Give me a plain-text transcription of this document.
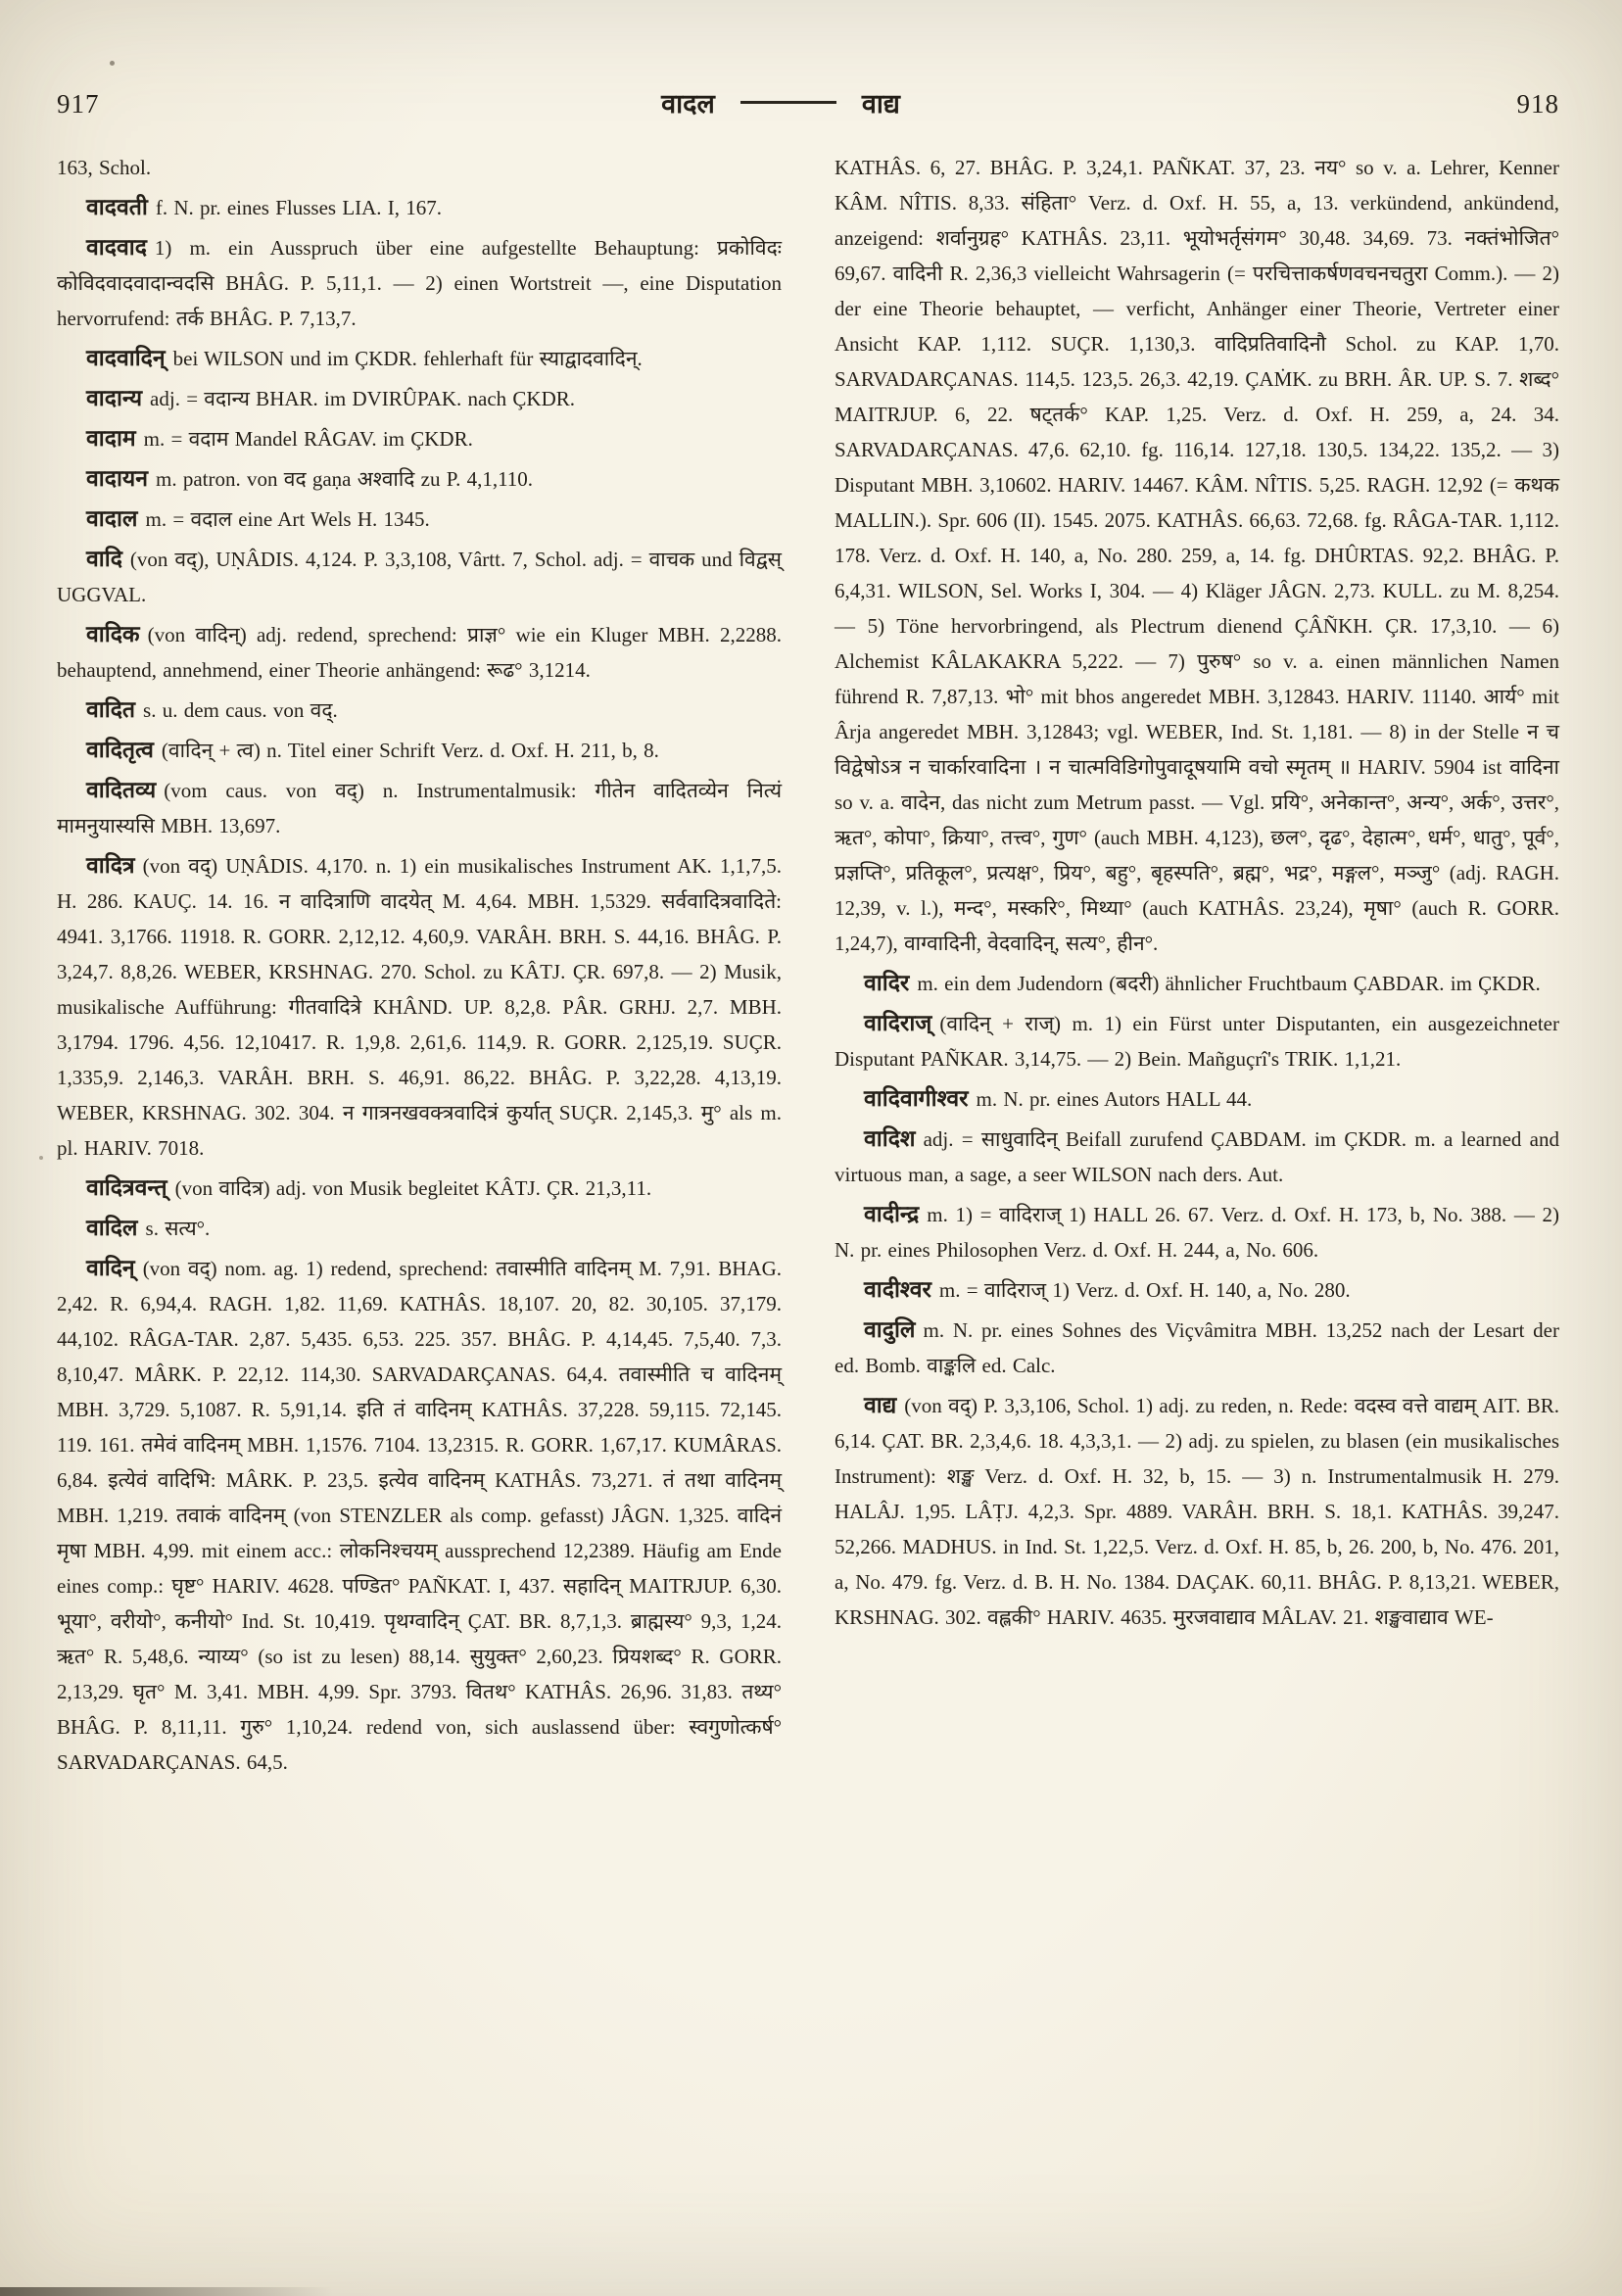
917	वादल	वाद्य	918

163, Schol.

वादवती f. N. pr. eines Flusses LIA. I, 167.

वादवाद 1) m. ein Ausspruch über eine aufgestellte Behauptung: प्रकोविदः कोविदवादवादान्वदसि BHÂG. P. 5,11,1. — 2) einen Wortstreit —, eine Disputation hervorrufend: तर्क BHÂG. P. 7,13,7.

वादवादिन् bei WILSON und im ÇKDR. fehlerhaft für स्याद्वादवादिन्.

वादान्य adj. = वदान्य BHAR. im DVIRÛPAK. nach ÇKDR.

वादाम m. = वदाम Mandel RÂGAV. im ÇKDR.

वादायन m. patron. von वद gaṇa अश्वादि zu P. 4,1,110.

वादाल m. = वदाल eine Art Wels H. 1345.

वादि (von वद्), UṆÂDIS. 4,124. P. 3,3,108, Vârtt. 7, Schol. adj. = वाचक und विद्वस् UGGVAL.

वादिक (von वादिन्) adj. redend, sprechend: प्राज्ञ° wie ein Kluger MBH. 2,2288. behauptend, annehmend, einer Theorie anhängend: रूढ° 3,1214.

वादित s. u. dem caus. von वद्.

वादितृत्व (वादिन् + त्व) n. Titel einer Schrift Verz. d. Oxf. H. 211, b, 8.

वादितव्य (vom caus. von वद्) n. Instrumentalmusik: गीतेन वादितव्येन नित्यं मामनुयास्यसि MBH. 13,697.

वादित्र (von वद्) UṆÂDIS. 4,170. n. 1) ein musikalisches Instrument AK. 1,1,7,5. H. 286. KAUÇ. 14. 16. न वादित्राणि वादयेत् M. 4,64. MBH. 1,5329. सर्ववादित्रवादिते: 4941. 3,1766. 11918. R. GORR. 2,12,12. 4,60,9. VARÂH. BRH. S. 44,16. BHÂG. P. 3,24,7. 8,8,26. WEBER, KRSHNAG. 270. Schol. zu KÂTJ. ÇR. 697,8. — 2) Musik, musikalische Aufführung: गीतवादित्रे KHÂND. UP. 8,2,8. PÂR. GRHJ. 2,7. MBH. 3,1794. 1796. 4,56. 12,10417. R. 1,9,8. 2,61,6. 114,9. R. GORR. 2,125,19. SUÇR. 1,335,9. 2,146,3. VARÂH. BRH. S. 46,91. 86,22. BHÂG. P. 3,22,28. 4,13,19. WEBER, KRSHNAG. 302. 304. न गात्रनखवक्त्रवादित्रं कुर्यात् SUÇR. 2,145,3. मु° als m. pl. HARIV. 7018.

वादित्रवन्त् (von वादित्र) adj. von Musik begleitet KÂTJ. ÇR. 21,3,11.

वादिल s. सत्य°.

वादिन् (von वद्) nom. ag. 1) redend, sprechend: तवास्मीति वादिनम् M. 7,91. BHAG. 2,42. R. 6,94,4. RAGH. 1,82. 11,69. KATHÂS. 18,107. 20, 82. 30,105. 37,179. 44,102. RÂGA-TAR. 2,87. 5,435. 6,53. 225. 357. BHÂG. P. 4,14,45. 7,5,40. 7,3. 8,10,47. MÂRK. P. 22,12. 114,30. SARVADARÇANAS. 64,4. तवास्मीति च वादिनम् MBH. 3,729. 5,1087. R. 5,91,14. इति तं वादिनम् KATHÂS. 37,228. 59,115. 72,145. 119. 161. तमेवं वादिनम् MBH. 1,1576. 7104. 13,2315. R. GORR. 1,67,17. KUMÂRAS. 6,84. इत्येवं वादिभि: MÂRK. P. 23,5. इत्येव वादिनम् KATHÂS. 73,271. तं तथा वादिनम् MBH. 1,219. तवाकं वादिनम् (von STENZLER als comp. gefasst) JÂGN. 1,325. वादिनं मृषा MBH. 4,99. mit einem acc.: लोकनिश्चयम् aussprechend 12,2389. Häufig am Ende eines comp.: घृष्ट° HARIV. 4628. पण्डित° PAÑKAT. I, 437. सहादिन् MAITRJUP. 6,30. भूया°, वरीयो°, कनीयो° Ind. St. 10,419. पृथग्वादिन् ÇAT. BR. 8,7,1,3. ब्राह्मस्य° 9,3, 1,24. ऋत° R. 5,48,6. न्याय्य° (so ist zu lesen) 88,14. सुयुक्त° 2,60,23. प्रियशब्द° R. GORR. 2,13,29. घृत° M. 3,41. MBH. 4,99. Spr. 3793. वितथ° KATHÂS. 26,96. 31,83. तथ्य° BHÂG. P. 8,11,11. गुरु° 1,10,24. redend von, sich auslassend über: स्वगुणोत्कर्ष° SARVADARÇANAS. 64,5.

KATHÂS. 6, 27. BHÂG. P. 3,24,1. PAÑKAT. 37, 23. नय° so v. a. Lehrer, Kenner KÂM. NÎTIS. 8,33. संहिता° Verz. d. Oxf. H. 55, a, 13. verkündend, ankündend, anzeigend: शर्वानुग्रह° KATHÂS. 23,11. भूयोभर्तृसंगम° 30,48. 34,69. 73. नक्तंभोजित° 69,67. वादिनी R. 2,36,3 vielleicht Wahrsagerin (= परचित्ताकर्षणवचनचतुरा Comm.). — 2) der eine Theorie behauptet, — verficht, Anhänger einer Theorie, Vertreter einer Ansicht KAP. 1,112. SUÇR. 1,130,3. वादिप्रतिवादिनौ Schol. zu KAP. 1,70. SARVADARÇANAS. 114,5. 123,5. 26,3. 42,19. ÇAṀK. zu BRH. ÂR. UP. S. 7. शब्द° MAITRJUP. 6, 22. षट्तर्क° KAP. 1,25. Verz. d. Oxf. H. 259, a, 24. 34. SARVADARÇANAS. 47,6. 62,10. fg. 116,14. 127,18. 130,5. 134,22. 135,2. — 3) Disputant MBH. 3,10602. HARIV. 14467. KÂM. NÎTIS. 5,25. RAGH. 12,92 (= कथक MALLIN.). Spr. 606 (II). 1545. 2075. KATHÂS. 66,63. 72,68. fg. RÂGA-TAR. 1,112. 178. Verz. d. Oxf. H. 140, a, No. 280. 259, a, 14. fg. DHÛRTAS. 92,2. BHÂG. P. 6,4,31. WILSON, Sel. Works I, 304. — 4) Kläger JÂGN. 2,73. KULL. zu M. 8,254. — 5) Töne hervorbringend, als Plectrum dienend ÇÂÑKH. ÇR. 17,3,10. — 6) Alchemist KÂLAKAKRA 5,222. — 7) पुरुष° so v. a. einen männlichen Namen führend R. 7,87,13. भो° mit bhos angeredet MBH. 3,12843. HARIV. 11140. आर्य° mit Ârja angeredet MBH. 3,12843; vgl. WEBER, Ind. St. 1,181. — 8) in der Stelle न च विद्वेषोऽत्र न चार्कारवादिना । न चात्मविडिगोपुवादूषयामि वचो स्मृतम् ॥ HARIV. 5904 ist वादिना so v. a. वादेन, das nicht zum Metrum passt. — Vgl. प्रयि°, अनेकान्त°, अन्य°, अर्क°, उत्तर°, ऋत°, कोपा°, क्रिया°, तत्त्व°, गुण° (auch MBH. 4,123), छल°, दृढ°, देहात्म°, धर्म°, धातु°, पूर्व°, प्रज्ञप्ति°, प्रतिकूल°, प्रत्यक्ष°, प्रिय°, बहु°, बृहस्पति°, ब्रह्म°, भद्र°, मङ्गल°, मञ्जु° (adj. RAGH. 12,39, v. l.), मन्द°, मस्करि°, मिथ्या° (auch KATHÂS. 23,24), मृषा° (auch R. GORR. 1,24,7), वाग्वादिनी, वेदवादिन्, सत्य°, हीन°.

वादिर m. ein dem Judendorn (बदरी) ähnlicher Fruchtbaum ÇABDAR. im ÇKDR.

वादिराज् (वादिन् + राज्) m. 1) ein Fürst unter Disputanten, ein ausgezeichneter Disputant PAÑKAR. 3,14,75. — 2) Bein. Mañguçrî's TRIK. 1,1,21.

वादिवागीश्वर m. N. pr. eines Autors HALL 44.

वादिश adj. = साधुवादिन् Beifall zurufend ÇABDAM. im ÇKDR. m. a learned and virtuous man, a sage, a seer WILSON nach ders. Aut.

वादीन्द्र m. 1) = वादिराज् 1) HALL 26. 67. Verz. d. Oxf. H. 173, b, No. 388. — 2) N. pr. eines Philosophen Verz. d. Oxf. H. 244, a, No. 606.

वादीश्वर m. = वादिराज् 1) Verz. d. Oxf. H. 140, a, No. 280.

वादुलि m. N. pr. eines Sohnes des Viçvâmitra MBH. 13,252 nach der Lesart der ed. Bomb. वाङ्कलि ed. Calc.

वाद्य (von वद्) P. 3,3,106, Schol. 1) adj. zu reden, n. Rede: वदस्व वत्ते वाद्यम् AIT. BR. 6,14. ÇAT. BR. 2,3,4,6. 18. 4,3,3,1. — 2) adj. zu spielen, zu blasen (ein musikalisches Instrument): शङ्ख Verz. d. Oxf. H. 32, b, 15. — 3) n. Instrumentalmusik H. 279. HALÂJ. 1,95. LÂṬJ. 4,2,3. Spr. 4889. VARÂH. BRH. S. 18,1. KATHÂS. 39,247. 52,266. MADHUS. in Ind. St. 1,22,5. Verz. d. Oxf. H. 85, b, 26. 200, b, No. 476. 201, a, No. 479. fg. Verz. d. B. H. No. 1384. DAÇAK. 60,11. BHÂG. P. 8,13,21. WEBER, KRSHNAG. 302. वह्लकी° HARIV. 4635. मुरजवाद्याव MÂLAV. 21. शङ्खवाद्याव WE-
